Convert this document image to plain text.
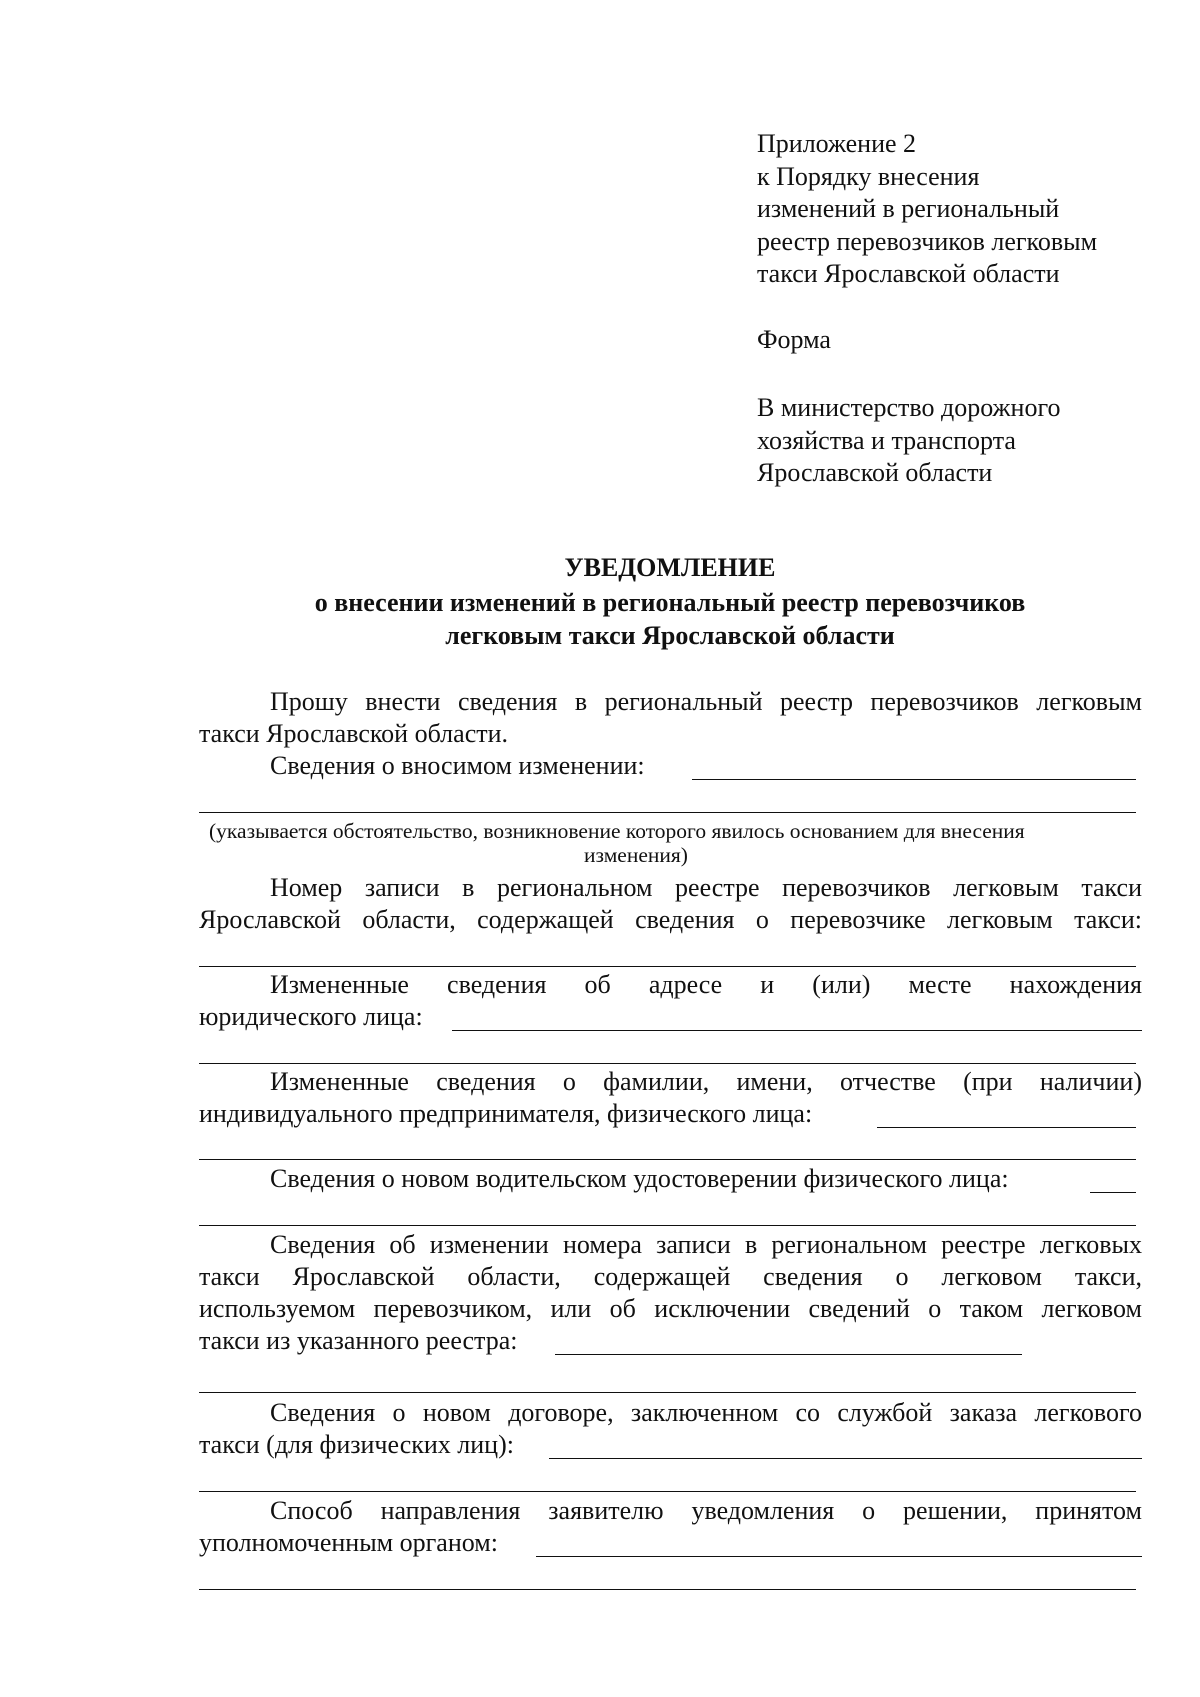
Приложение 2
к Порядку внесения
изменений в региональный
реестр перевозчиков легковым
такси Ярославской области
Форма
В министерство дорожного
хозяйства и транспорта
Ярославской области
УВЕДОМЛЕНИЕ
о внесении изменений в региональный реестр перевозчиков
легковым такси Ярославской области
Прошу внести сведения в региональный реестр перевозчиков легковым
такси Ярославской области.
Сведения о вносимом изменении:
(указывается обстоятельство, возникновение которого явилось основанием для внесения
изменения)
Номер записи в региональном реестре перевозчиков легковым такси
Ярославской области, содержащей сведения о перевозчике легковым такси:
Измененные сведения об адресе и (или) месте нахождения
юридического лица:
Измененные сведения о фамилии, имени, отчестве (при наличии)
индивидуального предпринимателя, физического лица:
Сведения о новом водительском удостоверении физического лица:
Сведения об изменении номера записи в региональном реестре легковых
такси Ярославской области, содержащей сведения о легковом такси,
используемом перевозчиком, или об исключении сведений о таком легковом
такси из указанного реестра:
Сведения о новом договоре, заключенном со службой заказа легкового
такси (для физических лиц):
Способ направления заявителю уведомления о решении, принятом
уполномоченным органом:
